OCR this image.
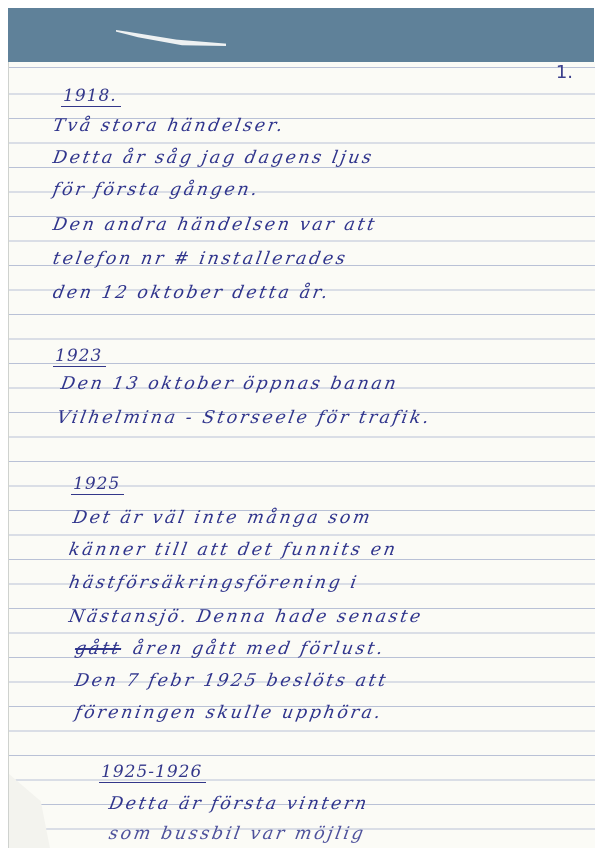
1.
1918.
Två stora händelser.
Detta år såg jag dagens ljus
för första gången.
Den andra händelsen var att
telefon nr # installerades
den 12 oktober detta år.
1923
Den 13 oktober öppnas banan
Vilhelmina - Storseele för trafik.
1925
Det är väl inte många som
känner till att det funnits en
hästförsäkringsförening i
Nästansjö. Denna hade senaste
gått åren gått med förlust.
Den 7 febr 1925 beslöts att
föreningen skulle upphöra.
1925-1926
Detta är första vintern
som bussbil var möjlig
